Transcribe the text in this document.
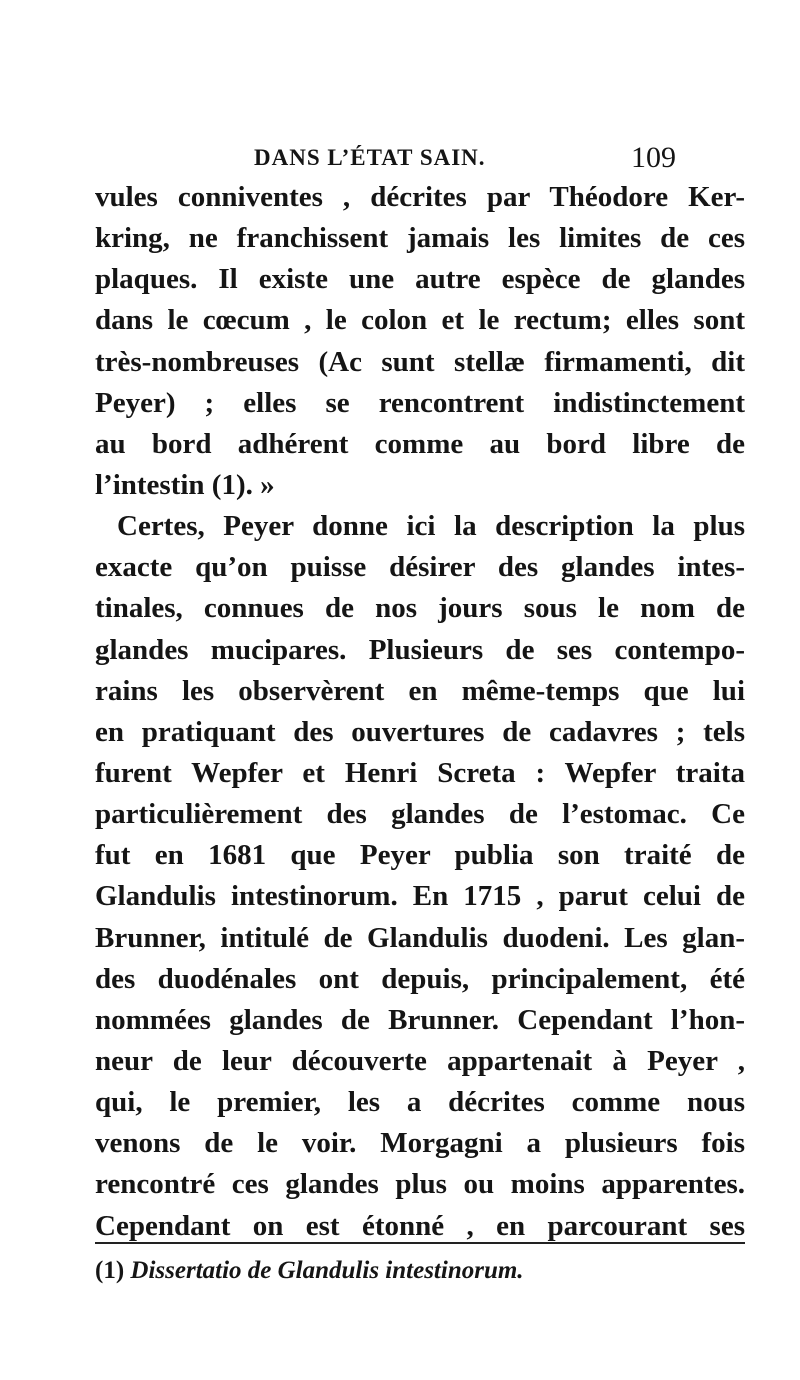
DANS L’ÉTAT SAIN.	109
vules conniventes , décrites par Théodore Ker-
kring, ne franchissent jamais les limites de ces
plaques. Il existe une autre espèce de glandes
dans le cœcum , le colon et le rectum; elles sont
très-nombreuses (Ac sunt stellæ firmamenti, dit
Peyer) ; elles se rencontrent indistinctement
au bord adhérent comme au bord libre de
l’intestin (1). »
Certes, Peyer donne ici la description la plus
exacte qu’on puisse désirer des glandes intes-
tinales, connues de nos jours sous le nom de
glandes mucipares. Plusieurs de ses contempo-
rains les observèrent en même-temps que lui
en pratiquant des ouvertures de cadavres ; tels
furent Wepfer et Henri Screta : Wepfer traita
particulièrement des glandes de l’estomac. Ce
fut en 1681 que Peyer publia son traité de
Glandulis intestinorum. En 1715 , parut celui de
Brunner, intitulé de Glandulis duodeni. Les glan-
des duodénales ont depuis, principalement, été
nommées glandes de Brunner. Cependant l’hon-
neur de leur découverte appartenait à Peyer ,
qui, le premier, les a décrites comme nous
venons de le voir. Morgagni a plusieurs fois
rencontré ces glandes plus ou moins apparentes.
Cependant on est étonné , en parcourant ses
(1) Dissertatio de Glandulis intestinorum.
